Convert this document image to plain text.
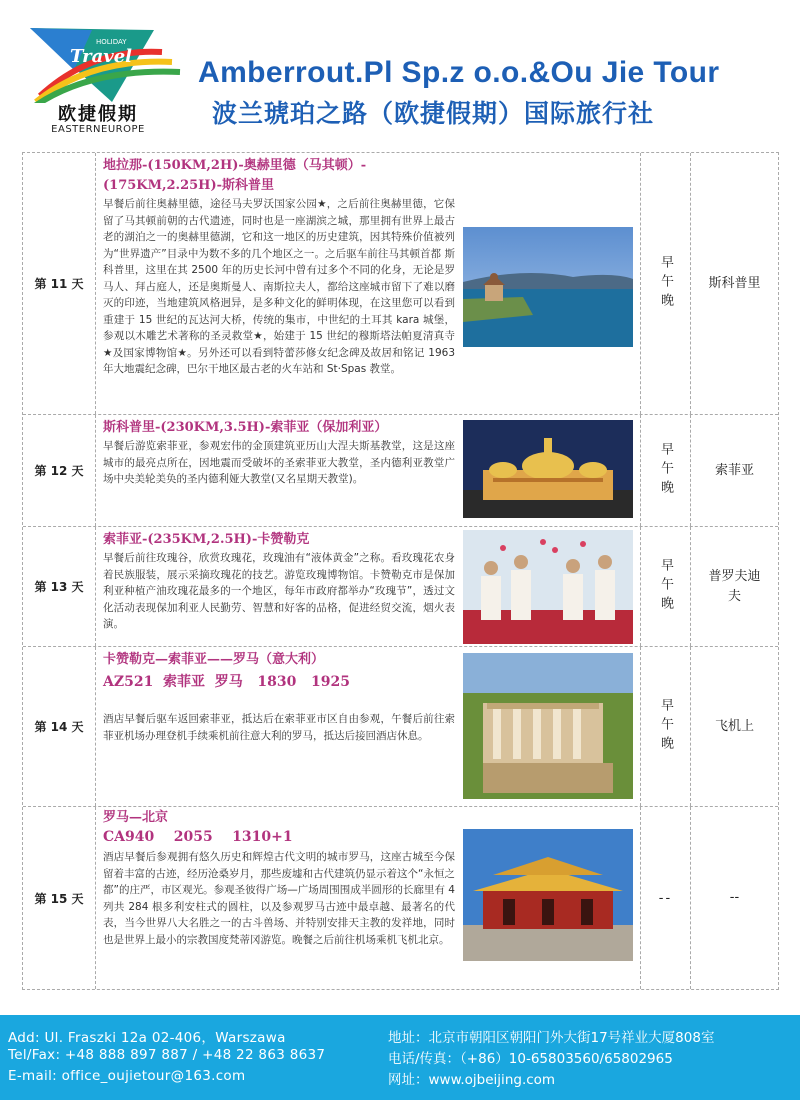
Travel
HOLIDAY
欧捷假期
EASTERNEUROPE
Amberrout.Pl Sp.z o.o.&Ou Jie Tour
波兰琥珀之路（欧捷假期）国际旅行社
第 11 天
地拉那-(150KM,2H)-奥赫里德（马其顿）-
(175KM,2.25H)-斯科普里
早餐后前往奥赫里德，途径马夫罗沃国家公园★，之后前往奥赫里德，它保留了马其顿前朝的古代遗迹，同时也是一座湖滨之城，那里拥有世界上最古老的湖泊之一的奥赫里德湖，它和这一地区的历史建筑，因其特殊价值被列为“世界遗产”目录中为数不多的几个地区之一。之后驱车前往马其顿首都 斯科普里，这里在其 2500 年的历史长河中曾有过多个不同的化身，无论是罗马人、拜占庭人，还是奥斯曼人、南斯拉夫人，都给这座城市留下了难以磨灭的印迹，当地建筑风格迥异，是多种文化的鲜明体现，在这里您可以看到重建于 15 世纪的瓦达河大桥，传统的集市，中世纪的土耳其 kara 城堡，参观以木雕艺术著称的圣灵救堂★，始建于 15 世纪的穆斯塔法帕夏清真寺★及国家博物馆★。另外还可以看到特蕾莎修女纪念碑及故居和铭记 1963 年大地震纪念碑，巴尔干地区最古老的火车站和 St·Spas 教堂。
早午晚	斯科普里
第 12 天
斯科普里-(230KM,3.5H)-索菲亚（保加利亚）
早餐后游览索菲亚，参观宏伟的金顶建筑亚历山大涅夫斯基教堂，这是这座城市的最亮点所在，因地震而受破坏的圣索菲亚大教堂，圣内德利亚教堂广场中央美轮美奂的圣内德利娅大教堂(又名星期天教堂)。	早午晚	索菲亚
第 13 天
索菲亚-(235KM,2.5H)-卡赞勒克
早餐后前往玫瑰谷，欣赏玫瑰花，玫瑰油有“液体黄金”之称。看玫瑰花农身着民族服装，展示采摘玫瑰花的技艺。游览玫瑰博物馆。卡赞勒克市是保加利亚种植产油玫瑰花最多的一个地区，每年市政府都举办“玫瑰节”，透过文化活动表现保加利亚人民勤劳、智慧和好客的品格，促进经贸交流，烟火表演。
早午晚	普罗夫迪夫
第 14 天
卡赞勒克—索菲亚——罗马（意大利）
AZ521  索菲亚  罗马   1830   1925
酒店早餐后驱车返回索菲亚，抵达后在索菲亚市区自由参观，午餐后前往索菲亚机场办理登机手续乘机前往意大利的罗马，抵达后接回酒店休息。	早午晚	飞机上
第 15 天
罗马—北京
CA940    2055    1310+1
酒店早餐后参观拥有悠久历史和辉煌古代文明的城市罗马，这座古城至今保留着丰富的古迹，经历沧桑岁月，那些废墟和古代建筑仍显示着这个“永恒之都”的庄严，市区观光。参观圣彼得广场—广场周围围成半圆形的长廊里有 4 列共 284 根多利安柱式的圆柱，以及参观罗马古迹中最卓越、最著名的代表，当今世界八大名胜之一的古斗兽场、并特别安排天主教的发祥地，同时也是世界上最小的宗教国度梵蒂冈游览。晚餐之后前往机场乘机飞机北京。
--	--
Add: Ul. Fraszki 12a 02-406，Warszawa
Tel/Fax: +48 888 897 887 / +48 22 863 8637
E-mail: office_oujietour@163.com
地址：北京市朝阳区朝阳门外大街17号祥业大厦808室
电话/传真：（+86）10-65803560/65802965
网址：www.ojbeijing.com
